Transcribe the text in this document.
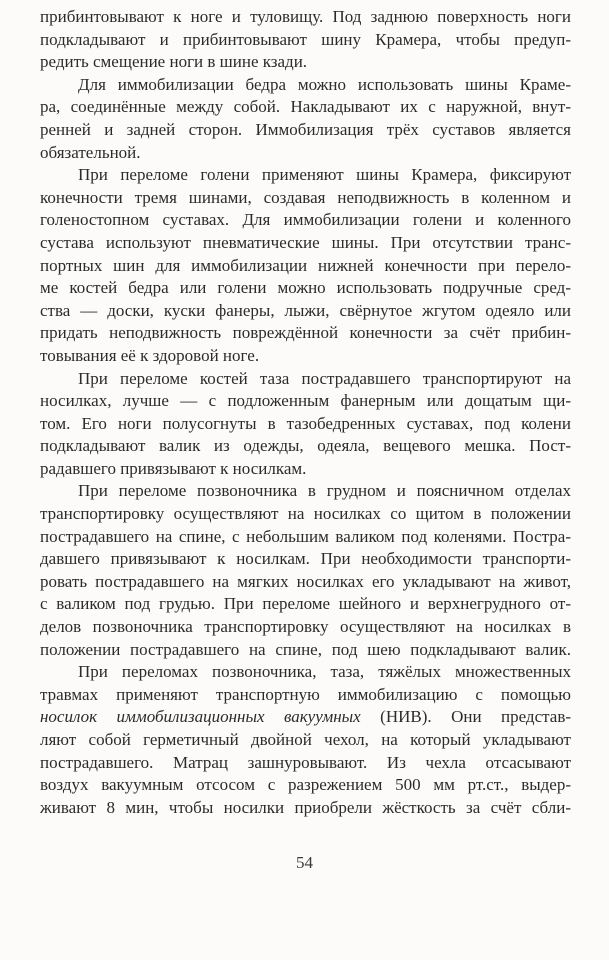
прибинтовывают к ноге и туловищу. Под заднюю поверхность ноги
подкладывают и прибинтовывают шину Крамера, чтобы предуп-
редить смещение ноги в шине кзади.
Для иммобилизации бедра можно использовать шины Краме-
ра, соединённые между собой. Накладывают их с наружной, внут-
ренней и задней сторон. Иммобилизация трёх суставов является
обязательной.
При переломе голени применяют шины Крамера, фиксируют
конечности тремя шинами, создавая неподвижность в коленном и
голеностопном суставах. Для иммобилизации голени и коленного
сустава используют пневматические шины. При отсутствии транс-
портных шин для иммобилизации нижней конечности при перело-
ме костей бедра или голени можно использовать подручные сред-
ства — доски, куски фанеры, лыжи, свёрнутое жгутом одеяло или
придать неподвижность повреждённой конечности за счёт прибин-
товывания её к здоровой ноге.
При переломе костей таза пострадавшего транспортируют на
носилках, лучше — с подложенным фанерным или дощатым щи-
том. Его ноги полусогнуты в тазобедренных суставах, под колени
подкладывают валик из одежды, одеяла, вещевого мешка. Пост-
радавшего привязывают к носилкам.
При переломе позвоночника в грудном и поясничном отделах
транспортировку осуществляют на носилках со щитом в положении
пострадавшего на спине, с небольшим валиком под коленями. Постра-
давшего привязывают к носилкам. При необходимости транспорти-
ровать пострадавшего на мягких носилках его укладывают на живот,
с валиком под грудью. При переломе шейного и верхнегрудного от-
делов позвоночника транспортировку осуществляют на носилках в
положении пострадавшего на спине, под шею подкладывают валик.
При переломах позвоночника, таза, тяжёлых множественных
травмах применяют транспортную иммобилизацию с помощью
носилок иммобилизационных вакуумных (НИВ). Они представ-
ляют собой герметичный двойной чехол, на который укладывают
пострадавшего. Матрац зашнуровывают. Из чехла отсасывают
воздух вакуумным отсосом с разрежением 500 мм рт.ст., выдер-
живают 8 мин, чтобы носилки приобрели жёсткость за счёт сбли-
54
